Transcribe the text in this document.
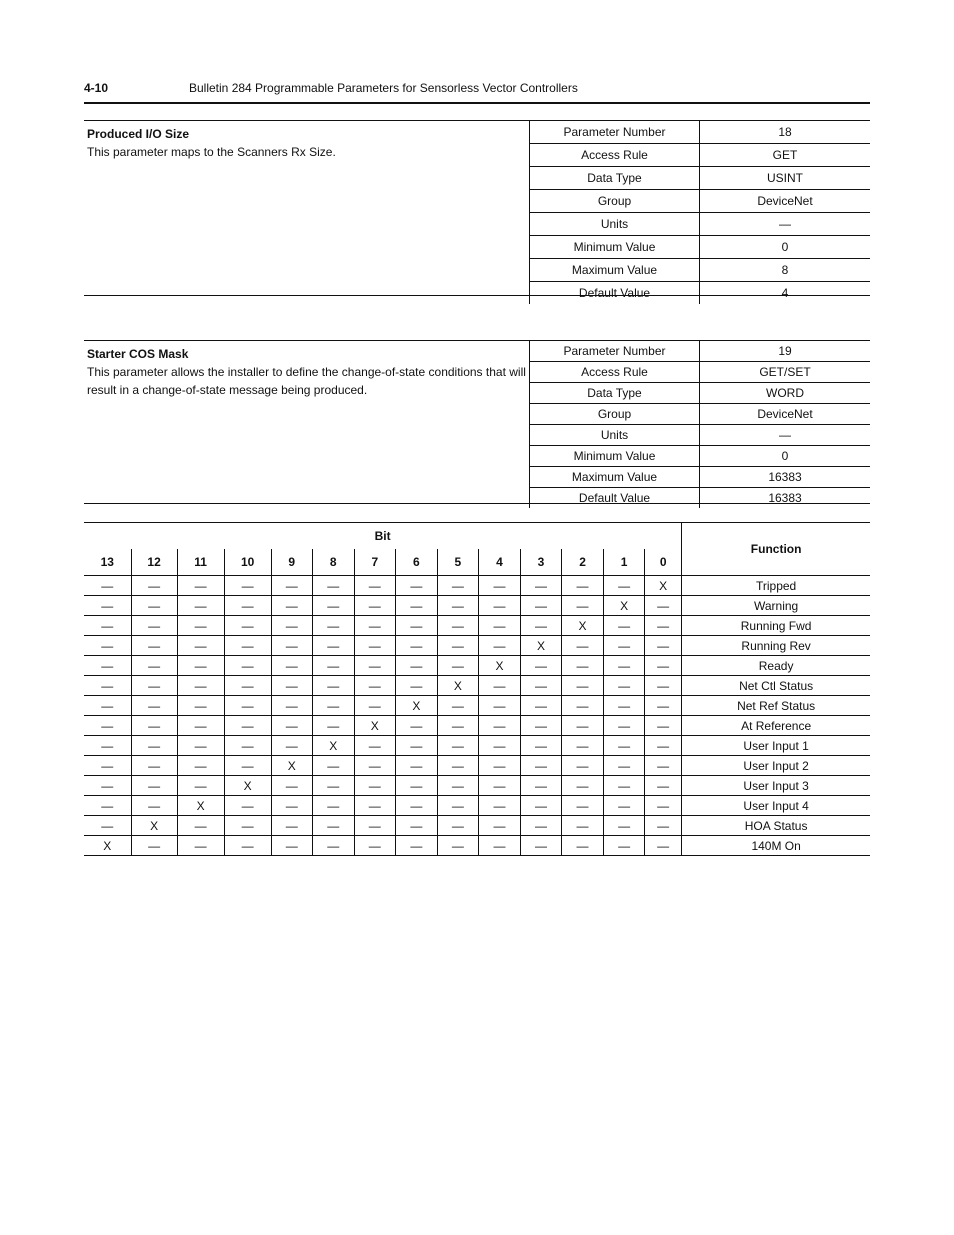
4-10	Bulletin 284 Programmable Parameters for Sensorless Vector Controllers
Produced I/O Size
This parameter maps to the Scanners Rx Size.
Parameter Number	18
Access Rule	GET
Data Type	USINT
Group	DeviceNet
Units	—
Minimum Value	0
Maximum Value	8
Default Value	4
Starter COS Mask
This parameter allows the installer to define the change-of-state conditions that will result in a change-of-state message being produced.
Parameter Number	19
Access Rule	GET/SET
Data Type	WORD
Group	DeviceNet
Units	—
Minimum Value	0
Maximum Value	16383
Default Value	16383
Bit														Function
13	12	11	10	9	8	7	6	5	4	3	2	1	0	
—	—	—	—	—	—	—	—	—	—	—	—	—	X	Tripped
—	—	—	—	—	—	—	—	—	—	—	—	X	—	Warning
—	—	—	—	—	—	—	—	—	—	—	X	—	—	Running Fwd
—	—	—	—	—	—	—	—	—	—	X	—	—	—	Running Rev
—	—	—	—	—	—	—	—	—	X	—	—	—	—	Ready
—	—	—	—	—	—	—	—	X	—	—	—	—	—	Net Ctl Status
—	—	—	—	—	—	—	X	—	—	—	—	—	—	Net Ref Status
—	—	—	—	—	—	X	—	—	—	—	—	—	—	At Reference
—	—	—	—	—	X	—	—	—	—	—	—	—	—	User Input 1
—	—	—	—	X	—	—	—	—	—	—	—	—	—	User Input 2
—	—	—	X	—	—	—	—	—	—	—	—	—	—	User Input 3
—	—	X	—	—	—	—	—	—	—	—	—	—	—	User Input 4
—	X	—	—	—	—	—	—	—	—	—	—	—	—	HOA Status
X	—	—	—	—	—	—	—	—	—	—	—	—	—	140M On
